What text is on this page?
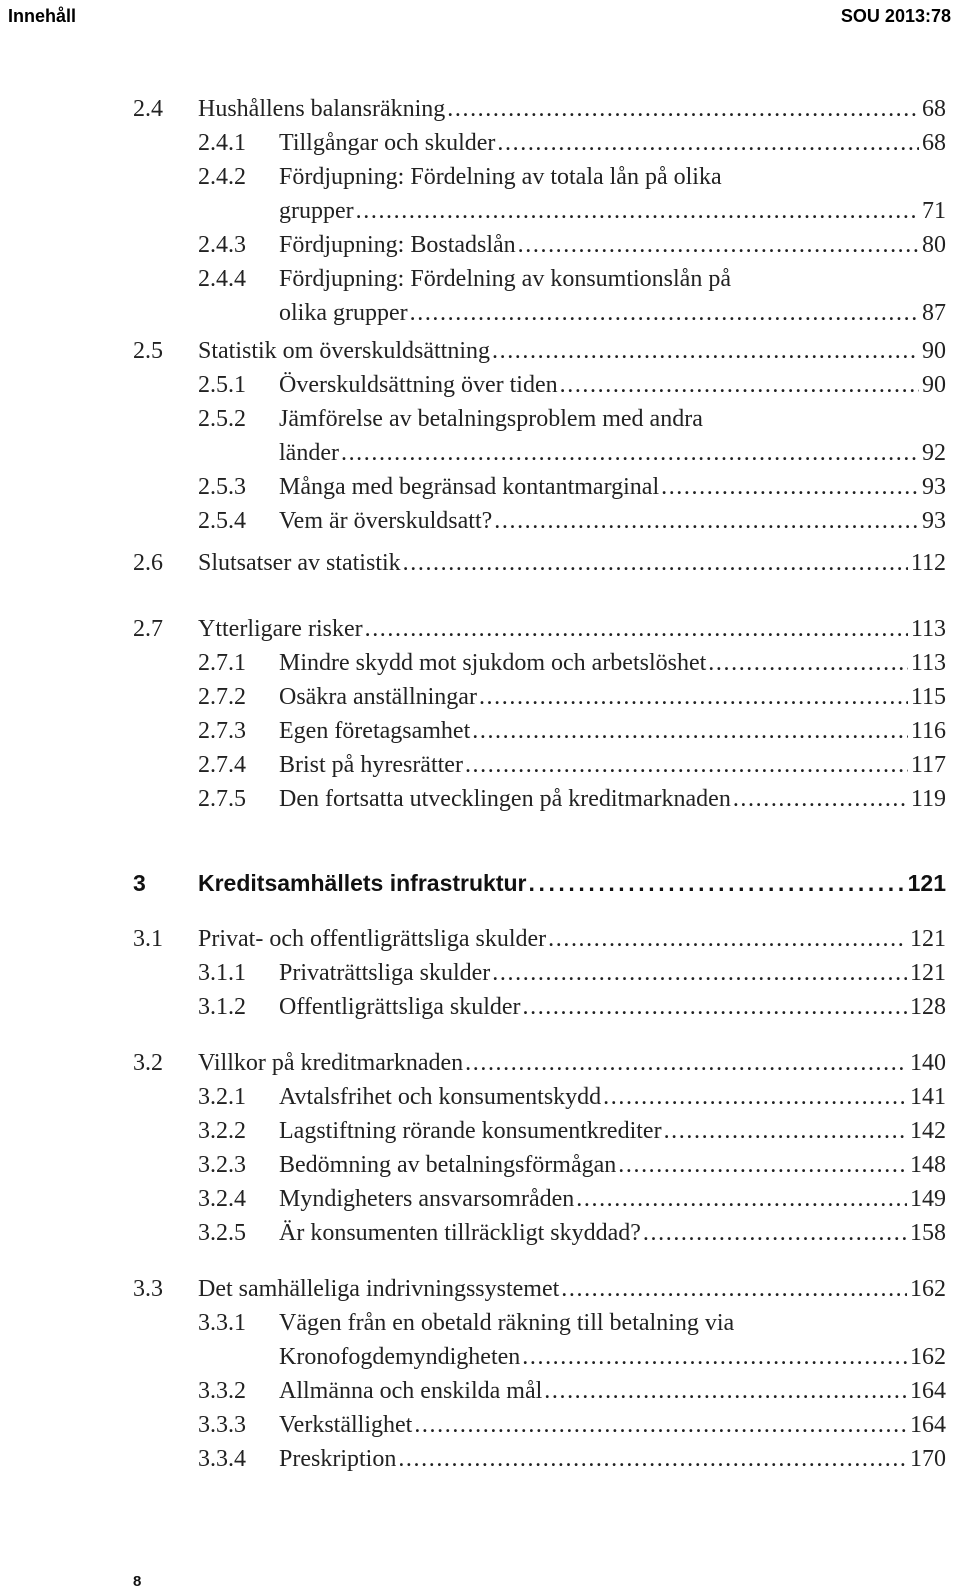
Innehåll	SOU 2013:78
2.4 Hushållens balansräkning . . .	68
2.4.1 Tillgångar och skulder . . .	68
2.4.2 Fördjupning: Fördelning av totala lån på olika
grupper . . .	71
2.4.3 Fördjupning: Bostadslån . . .	80
2.4.4 Fördjupning: Fördelning av konsumtionslån på
olika grupper . . .	87
2.5 Statistik om överskuldsättning . . .	90
2.5.1 Överskuldsättning över tiden . . .	90
2.5.2 Jämförelse av betalningsproblem med andra
länder . . .	92
2.5.3 Många med begränsad kontantmarginal . . .	93
2.5.4 Vem är överskuldsatt? . . .	93
2.6 Slutsatser av statistik . . .	112
2.7 Ytterligare risker . . .	113
2.7.1 Mindre skydd mot sjukdom och arbetslöshet . . .	113
2.7.2 Osäkra anställningar . . .	115
2.7.3 Egen företagsamhet . . .	116
2.7.4 Brist på hyresrätter . . .	117
2.7.5 Den fortsatta utvecklingen på kreditmarknaden . . .	119
3 Kreditsamhällets infrastruktur . . .	121
3.1 Privat- och offentligrättsliga skulder . . .	121
3.1.1 Privaträttsliga skulder . . .	121
3.1.2 Offentligrättsliga skulder . . .	128
3.2 Villkor på kreditmarknaden . . .	140
3.2.1 Avtalsfrihet och konsumentskydd . . .	141
3.2.2 Lagstiftning rörande konsumentkrediter . . .	142
3.2.3 Bedömning av betalningsförmågan . . .	148
3.2.4 Myndigheters ansvarsområden . . .	149
3.2.5 Är konsumenten tillräckligt skyddad? . . .	158
3.3 Det samhälleliga indrivningssystemet . . .	162
3.3.1 Vägen från en obetald räkning till betalning via
Kronofogdemyndigheten . . .	162
3.3.2 Allmänna och enskilda mål . . .	164
3.3.3 Verkställighet . . .	164
3.3.4 Preskription . . .	170
8
